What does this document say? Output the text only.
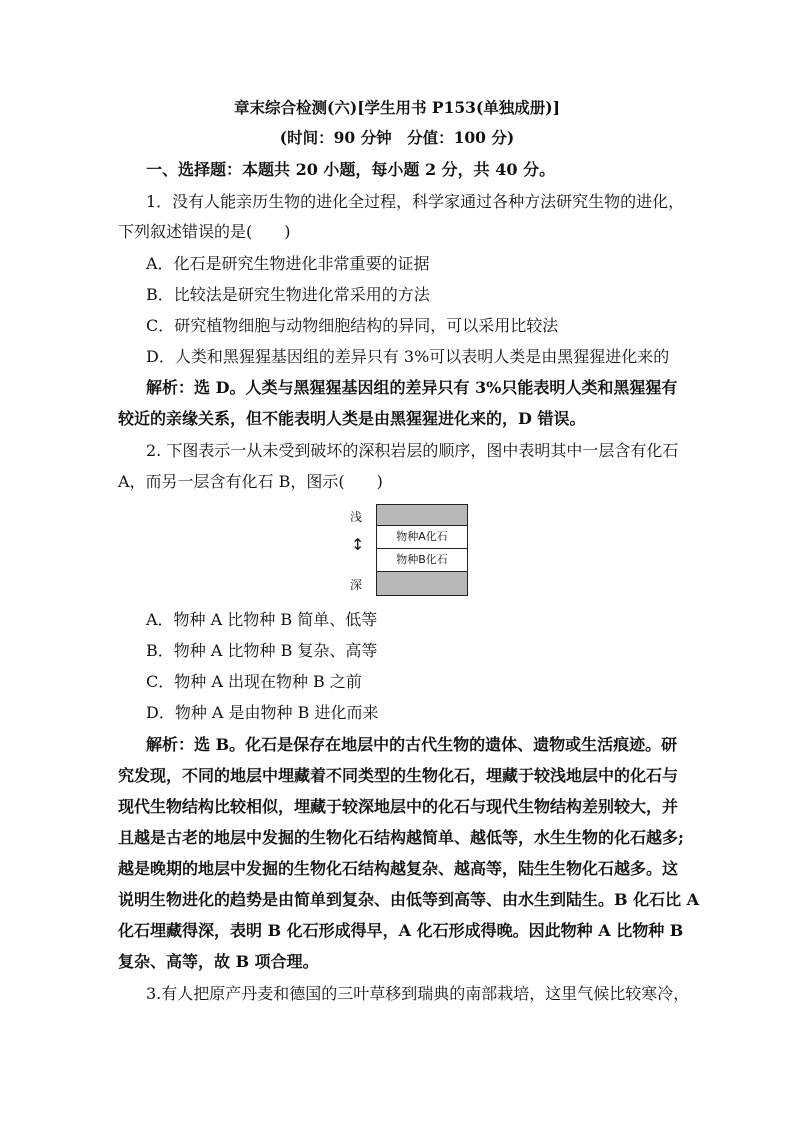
章末综合检测(六)[学生用书 P153(单独成册)]
(时间：90 分钟　分值：100 分)
一、选择题：本题共 20 小题，每小题 2 分，共 40 分。
1．没有人能亲历生物的进化全过程，科学家通过各种方法研究生物的进化，
下列叙述错误的是(　　)
A．化石是研究生物进化非常重要的证据
B．比较法是研究生物进化常采用的方法
C．研究植物细胞与动物细胞结构的异同，可以采用比较法
D．人类和黑猩猩基因组的差异只有 3%可以表明人类是由黑猩猩进化来的
解析：选 D。人类与黑猩猩基因组的差异只有 3%只能表明人类和黑猩猩有
较近的亲缘关系，但不能表明人类是由黑猩猩进化来的，D 错误。
2. 下图表示一从未受到破坏的深积岩层的顺序，图中表明其中一层含有化石
A，而另一层含有化石 B，图示(　　)
浅
↕
深
物种A化石
物种B化石
A．物种 A 比物种 B 简单、低等
B．物种 A 比物种 B 复杂、高等
C．物种 A 出现在物种 B 之前
D．物种 A 是由物种 B 进化而来
解析：选 B。化石是保存在地层中的古代生物的遗体、遗物或生活痕迹。研
究发现，不同的地层中埋藏着不同类型的生物化石，埋藏于较浅地层中的化石与
现代生物结构比较相似，埋藏于较深地层中的化石与现代生物结构差别较大，并
且越是古老的地层中发掘的生物化石结构越简单、越低等，水生生物的化石越多;
越是晚期的地层中发掘的生物化石结构越复杂、越高等，陆生生物化石越多。这
说明生物进化的趋势是由简单到复杂、由低等到高等、由水生到陆生。B 化石比 A
化石埋藏得深，表明 B 化石形成得早，A 化石形成得晚。因此物种 A 比物种 B
复杂、高等，故 B 项合理。
3.有人把原产丹麦和德国的三叶草移到瑞典的南部栽培，这里气候比较寒冷，
